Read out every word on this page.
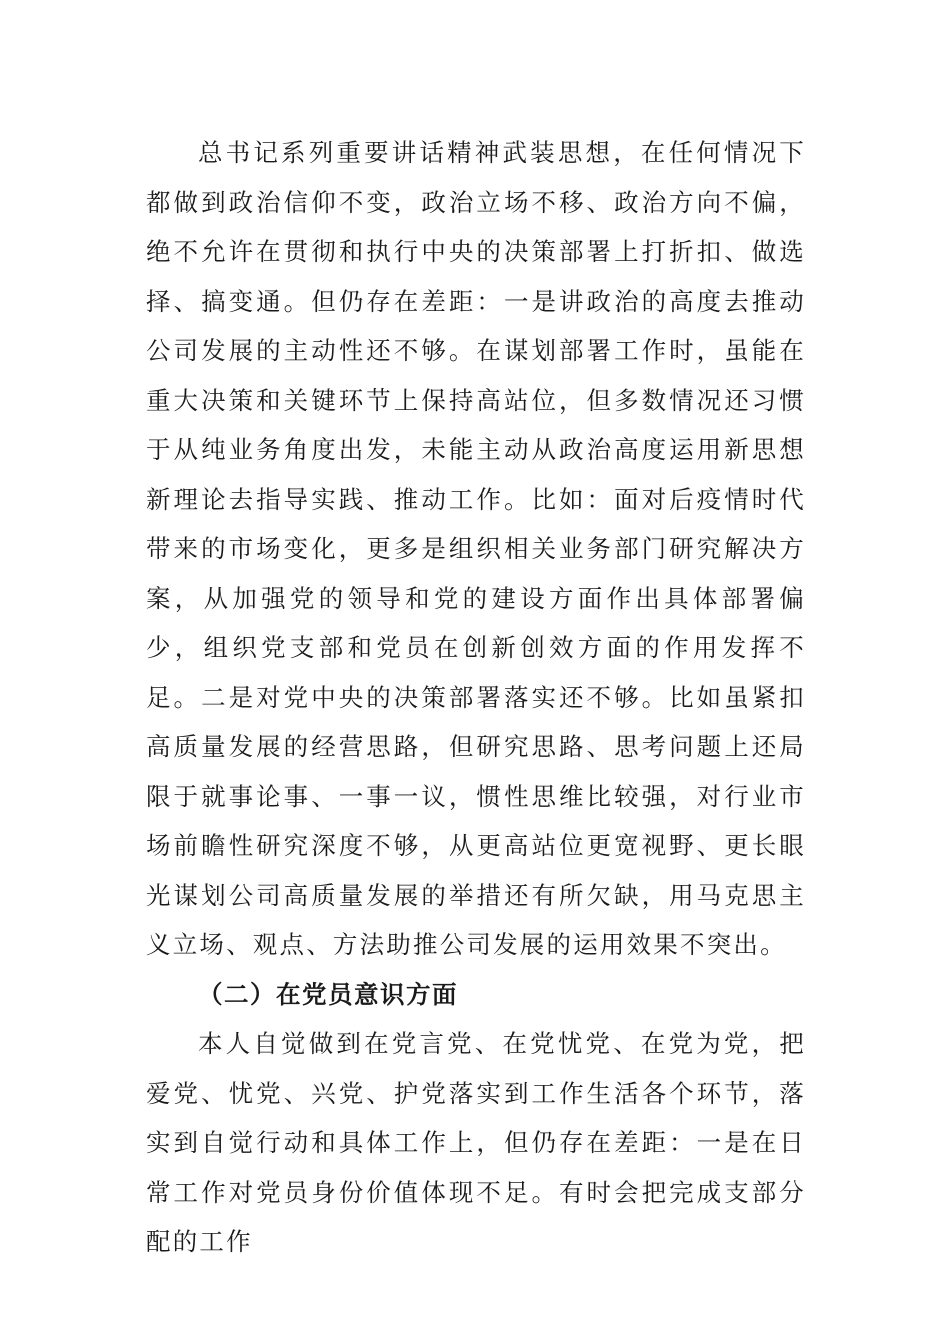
总书记系列重要讲话精神武装思想，在任何情况下都做到政治信仰不变，政治立场不移、政治方向不偏，绝不允许在贯彻和执行中央的决策部署上打折扣、做选择、搞变通。但仍存在差距：一是讲政治的高度去推动公司发展的主动性还不够。在谋划部署工作时，虽能在重大决策和关键环节上保持高站位，但多数情况还习惯于从纯业务角度出发，未能主动从政治高度运用新思想新理论去指导实践、推动工作。比如：面对后疫情时代带来的市场变化，更多是组织相关业务部门研究解决方案，从加强党的领导和党的建设方面作出具体部署偏少，组织党支部和党员在创新创效方面的作用发挥不足。二是对党中央的决策部署落实还不够。比如虽紧扣高质量发展的经营思路，但研究思路、思考问题上还局限于就事论事、一事一议，惯性思维比较强，对行业市场前瞻性研究深度不够，从更高站位更宽视野、更长眼光谋划公司高质量发展的举措还有所欠缺，用马克思主义立场、观点、方法助推公司发展的运用效果不突出。

（二）在党员意识方面

本人自觉做到在党言党、在党忧党、在党为党，把爱党、忧党、兴党、护党落实到工作生活各个环节，落实到自觉行动和具体工作上，但仍存在差距：一是在日常工作对党员身份价值体现不足。有时会把完成支部分配的工作
